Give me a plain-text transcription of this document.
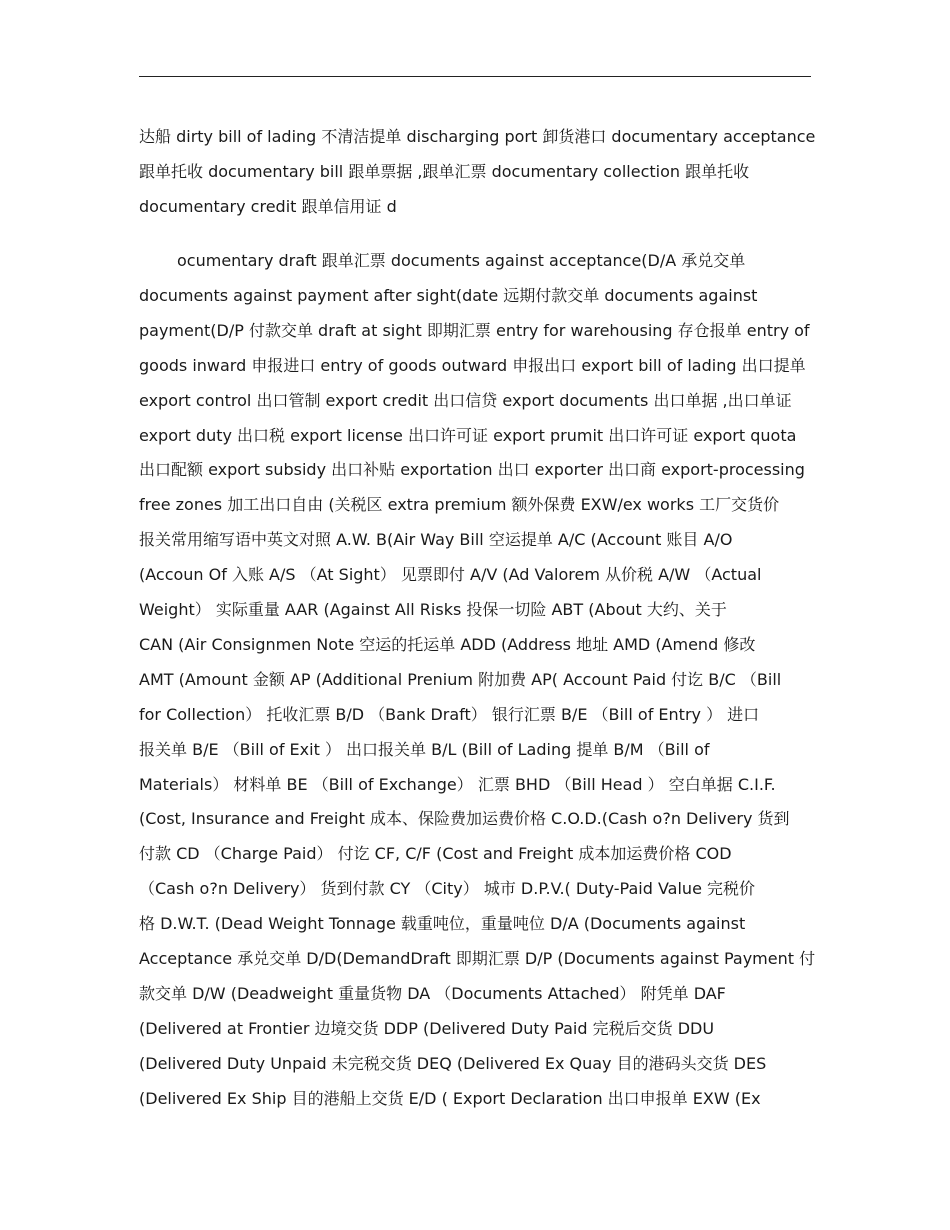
达船 dirty bill of lading 不清洁提单 discharging port 卸货港口 documentary acceptance
跟单托收 documentary bill 跟单票据 ,跟单汇票 documentary collection 跟单托收
documentary credit 跟单信用证 d
ocumentary draft 跟单汇票 documents against acceptance(D/A 承兑交单
documents against payment after sight(date 远期付款交单 documents against
payment(D/P 付款交单 draft at sight 即期汇票 entry for warehousing 存仓报单 entry of
goods inward 申报进口 entry of goods outward 申报出口 export bill of lading 出口提单
export control 出口管制 export credit 出口信贷 export documents 出口单据 ,出口单证
export duty 出口税 export license 出口许可证 export prumit 出口许可证 export quota
出口配额 export subsidy 出口补贴 exportation 出口 exporter 出口商 export-processing
free zones 加工出口自由 (关税区 extra premium 额外保费 EXW/ex works 工厂交货价
报关常用缩写语中英文对照 A.W. B(Air Way Bill 空运提单 A/C (Account 账目 A/O
(Accoun Of 入账 A/S （At Sight） 见票即付 A/V (Ad Valorem 从价税 A/W （Actual
Weight） 实际重量 AAR (Against All Risks 投保一切险 ABT (About 大约、关于
CAN (Air Consignmen Note 空运的托运单 ADD (Address 地址 AMD (Amend 修改
AMT (Amount 金额 AP (Additional Prenium 附加费 AP( Account Paid 付讫 B/C （Bill
for Collection） 托收汇票 B/D （Bank Draft） 银行汇票 B/E （Bill of Entry ） 进口
报关单 B/E （Bill of Exit ） 出口报关单 B/L (Bill of Lading 提单 B/M （Bill of
Materials） 材料单 BE （Bill of Exchange） 汇票 BHD （Bill Head ） 空白单据 C.I.F.
(Cost, Insurance and Freight 成本、保险费加运费价格 C.O.D.(Cash o?n Delivery 货到
付款 CD （Charge Paid） 付讫 CF, C/F (Cost and Freight 成本加运费价格 COD
（Cash o?n Delivery） 货到付款 CY （City） 城市 D.P.V.( Duty-Paid Value 完税价
格 D.W.T. (Dead Weight Tonnage 载重吨位，重量吨位 D/A (Documents against
Acceptance 承兑交单 D/D(DemandDraft 即期汇票 D/P (Documents against Payment 付
款交单 D/W (Deadweight 重量货物 DA （Documents Attached） 附凭单 DAF
(Delivered at Frontier 边境交货 DDP (Delivered Duty Paid 完税后交货 DDU
(Delivered Duty Unpaid 未完税交货 DEQ (Delivered Ex Quay 目的港码头交货 DES
(Delivered Ex Ship 目的港船上交货 E/D ( Export Declaration 出口申报单 EXW (Ex
